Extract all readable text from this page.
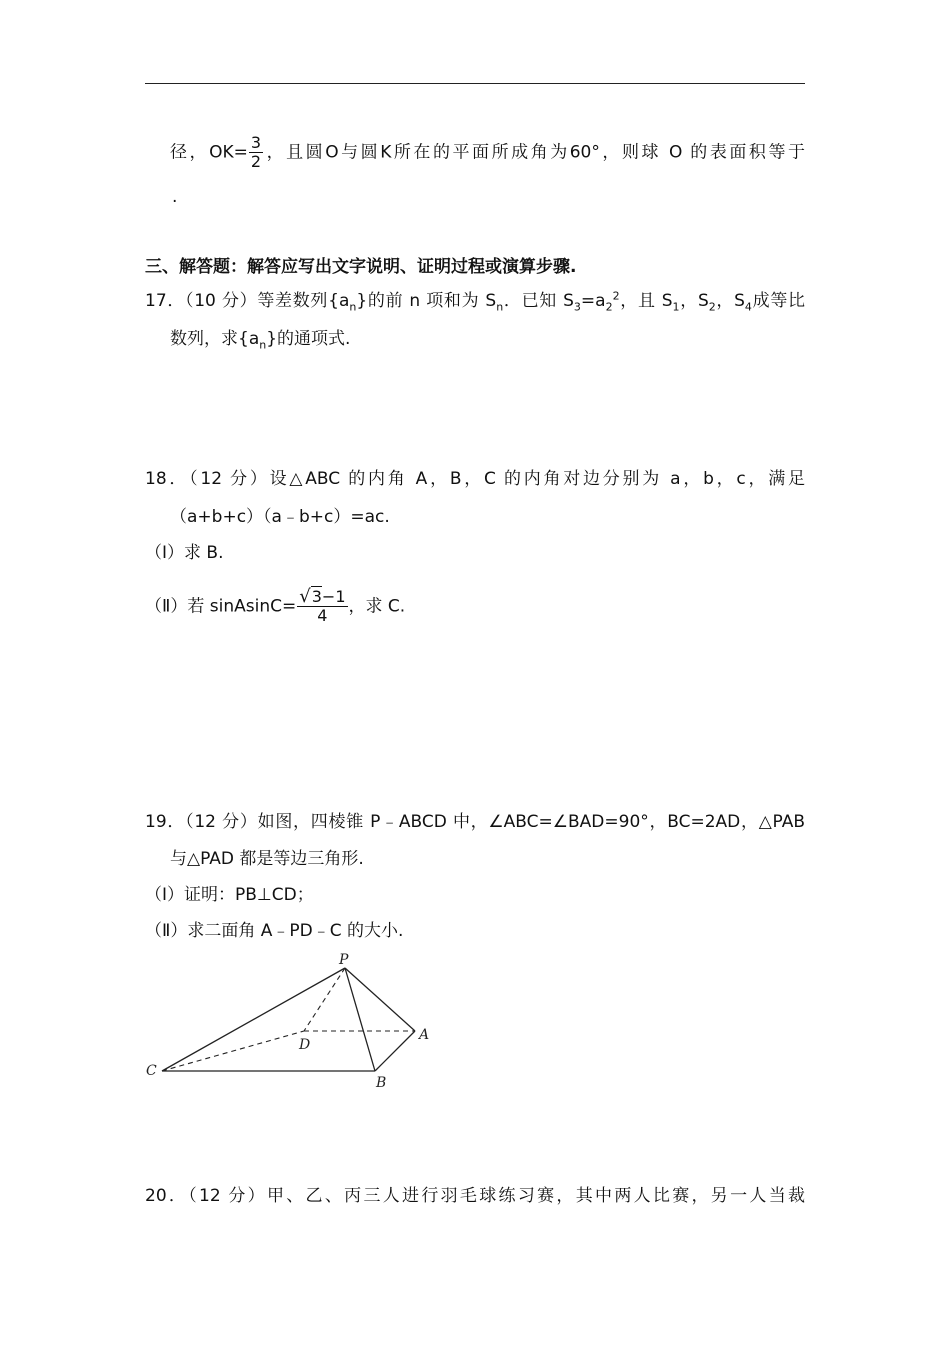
径，$OK= \frac{3}{2}$ ，且圆O与圆K所在的平面所成角为60°，则球 O 的表面积等于
.
三、解答题：解答应写出文字说明、证明过程或演算步骤.
17．（10 分）等差数列$\{a_n\}$的前 n 项和为 $S_n$．已知 $S_3=a_2^2$，且 $S_1$，$S_2$，$S_4$成等比
数列，求$\{a_n\}$的通项式.
18．（12 分）设△ABC 的内角 A，B，C 的内角对边分别为 a，b，c，满足
（a+b+c）（a﹣b+c）=ac.
（Ⅰ）求 B.
（Ⅱ）若 sinAsinC= $\frac{√3-1}{4}$ ，求 C.
19．（12 分）如图，四棱锥 P﹣ABCD 中，∠ABC=∠BAD=90°，BC=2AD，△PAB
与△PAD 都是等边三角形.
（Ⅰ）证明：PB⊥CD；
（Ⅱ）求二面角 A﹣PD﹣C 的大小.
P
A
B
C
D
20．（12 分）甲、乙、丙三人进行羽毛球练习赛，其中两人比赛，另一人当裁
